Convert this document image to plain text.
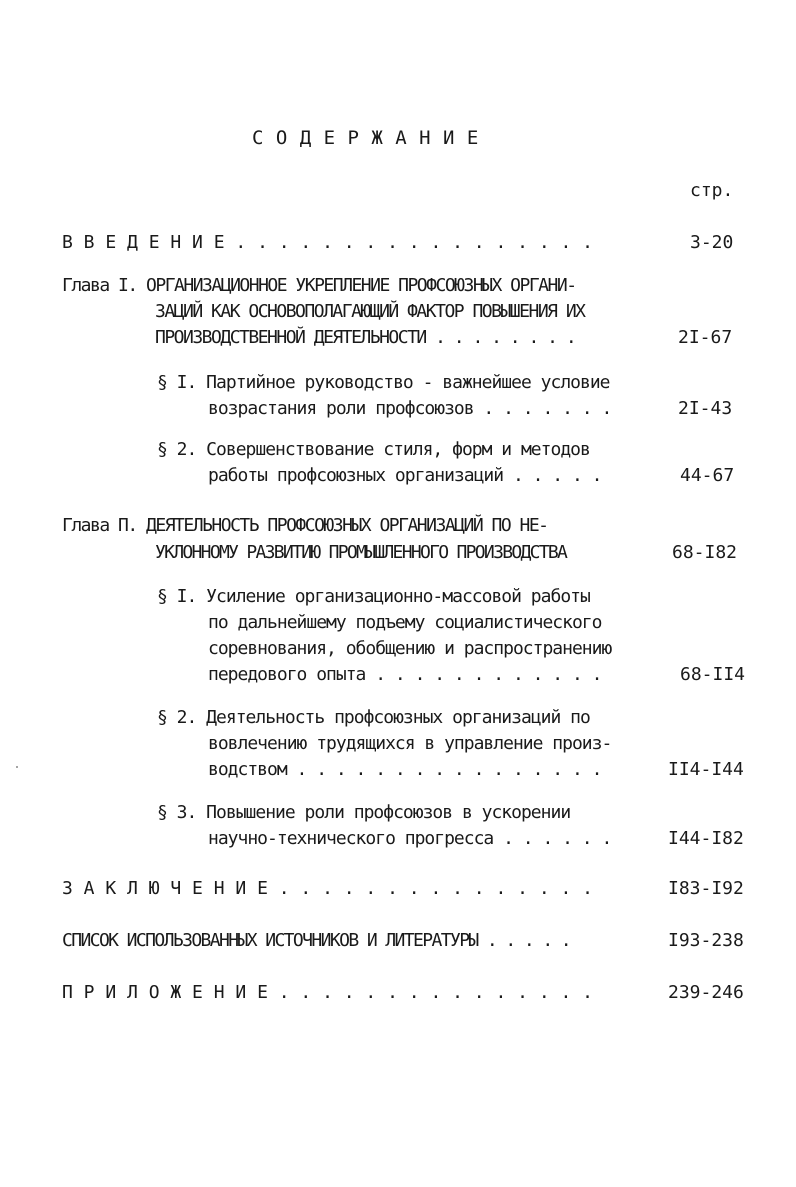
С О Д Е Р Ж А Н И Е
стр.
В В Е Д Е Н И Е . . . . . . . . . . . . . . . . .	3-20
Глава I. ОРГАНИЗАЦИОННОЕ УКРЕПЛЕНИЕ ПРОФСОЮЗНЫХ ОРГАНИ-
ЗАЦИЙ КАК ОСНОВОПОЛАГАЮЩИЙ ФАКТОР ПОВЫШЕНИЯ ИХ
ПРОИЗВОДСТВЕННОЙ ДЕЯТЕЛЬНОСТИ . . . . . . . .	2I-67
§ I. Партийное руководство - важнейшее условие
возрастания роли профсоюзов . . . . . . .	2I-43
§ 2. Совершенствование стиля, форм и методов
работы профсоюзных организаций . . . . .	44-67
Глава П. ДЕЯТЕЛЬНОСТЬ ПРОФСОЮЗНЫХ ОРГАНИЗАЦИЙ ПО НЕ-
УКЛОННОМУ РАЗВИТИЮ ПРОМЫШЛЕННОГО ПРОИЗВОДСТВА	68-I82
§ I. Усиление организационно-массовой работы
по дальнейшему подъему социалистического
соревнования, обобщению и распространению
передового опыта . . . . . . . . . . . .	68-II4
§ 2. Деятельность профсоюзных организаций по
вовлечению трудящихся в управление произ-
водством . . . . . . . . . . . . . . . .	II4-I44
§ 3. Повышение роли профсоюзов в ускорении
научно-технического прогресса . . . . . .	I44-I82
З А К Л Ю Ч Е Н И Е . . . . . . . . . . . . . . .	I83-I92
СПИСОК ИСПОЛЬЗОВАННЫХ ИСТОЧНИКОВ И ЛИТЕРАТУРЫ . . . . .	I93-238
П Р И Л О Ж Е Н И Е . . . . . . . . . . . . . . .	239-246
